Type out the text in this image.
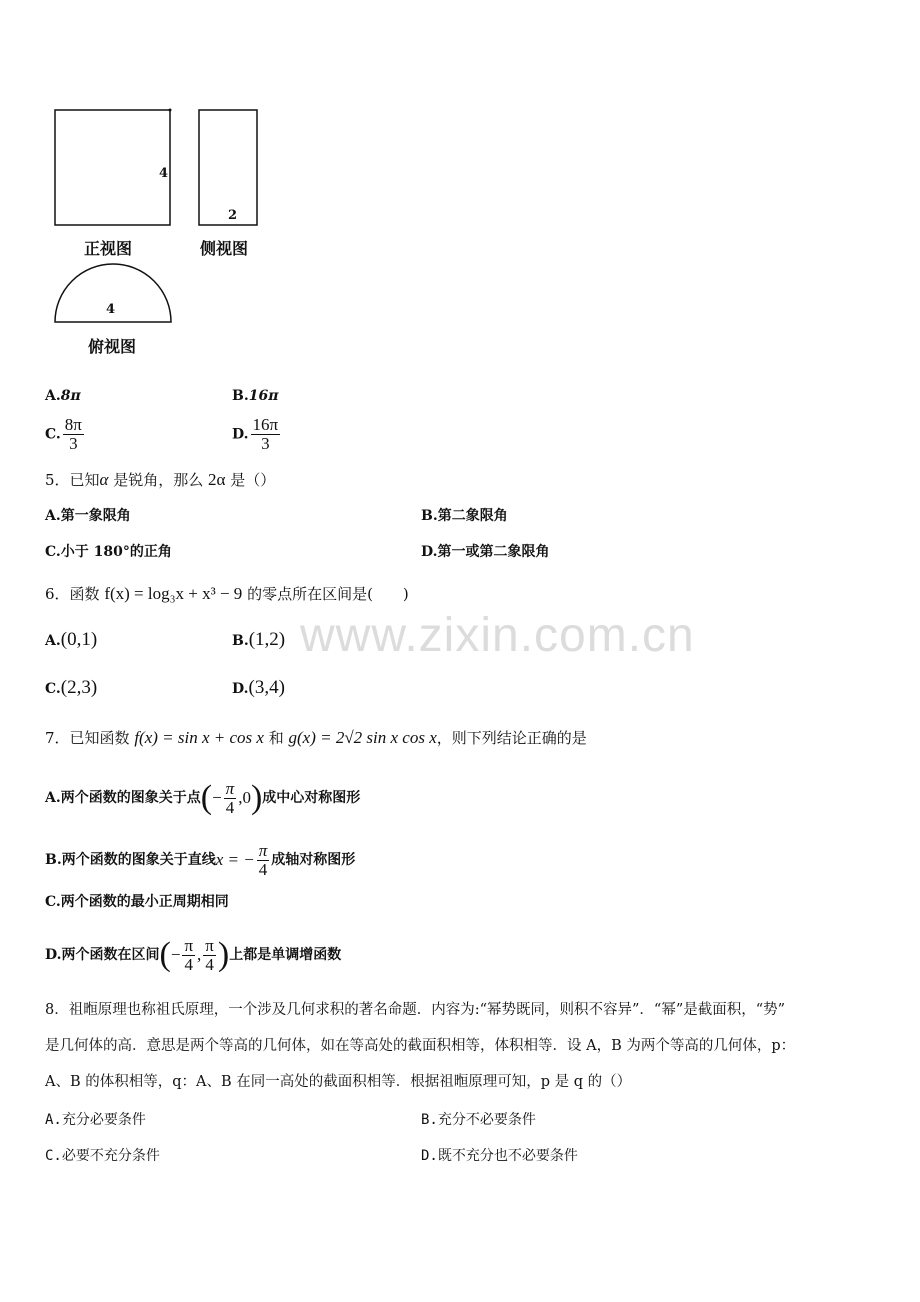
4
2
4
正视图	侧视图
俯视图
A.8π	B.16π
C. $\frac{8\pi}{3}$	D. $\frac{16\pi}{3}$
5．已知α 是锐角，那么 2α 是（）
A.第一象限角	B.第二象限角
C.小于 180°的正角	D.第一或第二象限角
6．函数 f(x) = log₃x + x³ − 9 的零点所在区间是(　　)
www.zixin.com.cn
A.(0,1)	B.(1,2)
C.(2,3)	D.(3,4)
7．已知函数 f(x) = sin x + cos x 和 g(x) = 2√2 sin x cos x，则下列结论正确的是
A.两个函数的图象关于点 ( − $\frac{\pi}{4} ,0$ ) 成中心对称图形
B.两个函数的图象关于直线 x = − $\frac{\pi}{4}$ 成轴对称图形
C.两个函数的最小正周期相同
D.两个函数在区间 ( − $\frac{\pi}{4}$ , $\frac{\pi}{4}$ ) 上都是单调增函数
8．祖暅原理也称祖氏原理，一个涉及几何求积的著名命题．内容为:“幂势既同，则积不容异”．“幂”是截面积，“势”
是几何体的高．意思是两个等高的几何体，如在等高处的截面积相等，体积相等．设 A，B 为两个等高的几何体，p：
A、B 的体积相等，q：A、B 在同一高处的截面积相等．根据祖暅原理可知，p 是 q 的（）
A.充分必要条件	B.充分不必要条件
C.必要不充分条件	D.既不充分也不必要条件
